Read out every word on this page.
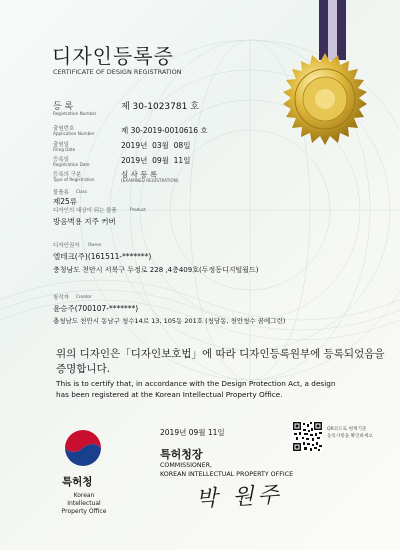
디자인등록증
CERTIFICATE OF DESIGN REGISTRATION
등 록
Registration Number
제 30-1023781 호
출원번호
Application Number	제 30-2019-0010616 호
출원일
Filing Date	2019년  03월  08일
등록일
Registration Date	2019년  09월  11일
등록의 구분
Type of Registration
심 사 등 록
(EXAMINED REGISTRATION)
물품류 Class
제25류
디자인의 대상이 되는 물품	Product
방음벽용 지주 커버
디자인권자 Owner
엘테크(주)(161511-*******)
충청남도 천안시 서북구 두정로 228 ,4층409호(두정동디지털월드)
창작자 Creator
윤승주(700107-*******)
충청남도 천안시 동남구 청수14로 13, 105동 201호 (청당동, 천안청수 꿈에그린)
위의 디자인은「디자인보호법」에 따라 디자인등록원부에 등록되었음을
증명합니다.
This is to certify that, in accordance with the Design Protection Act, a design
has been registered at the Korean Intellectual Property Office.
특허청
Korean Intellectual
Property Office
2019년 09월 11일	QR코드로 현재기준
등록사항을 확인하세요
특허청장
COMMISSIONER,
KOREAN INTELLECTUAL PROPERTY OFFICE
박 원주
